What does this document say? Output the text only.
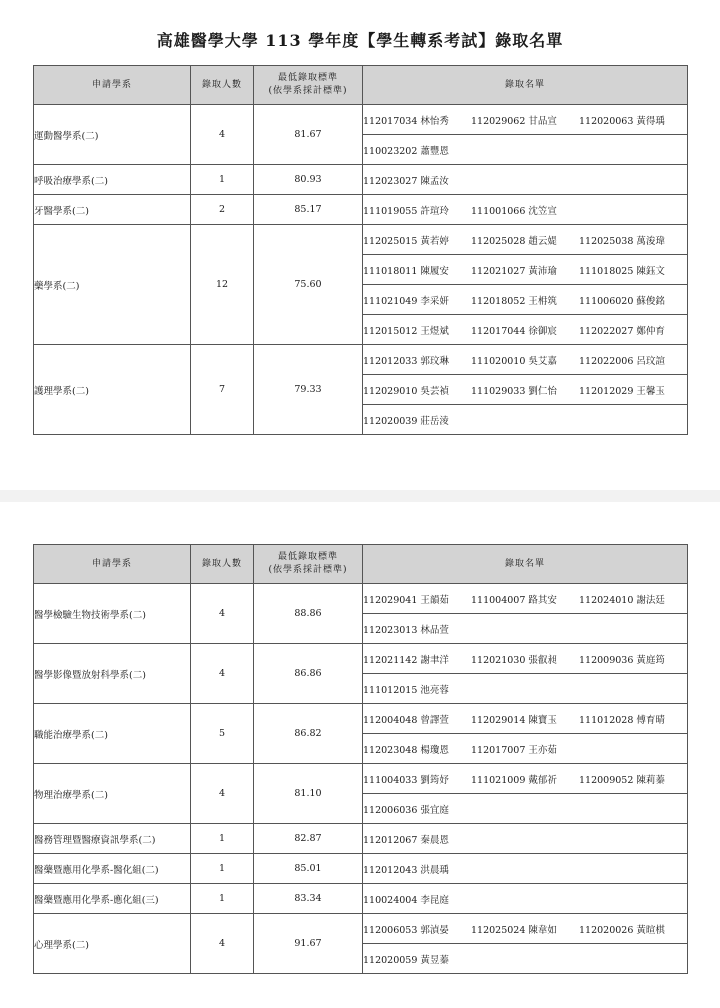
高雄醫學大學 113 學年度【學生轉系考試】錄取名單
申請學系	錄取人數	最低錄取標準
(依學系採計標準)	錄取名單
運動醫學系(二)	4	81.67	112017034 林怡秀 112029062 甘品宣 112020063 黃得瑀
			110023202 蕭豐恩
呼吸治療學系(二)	1	80.93	112023027 陳孟汝
牙醫學系(二)	2	85.17	111019055 許瑄玲 111001066 沈笠宣
藥學系(二)	12	75.60	112025015 黃若婷 112025028 趙云媞 112025038 萬浚瑋
			111018011 陳履安 112021027 黃沛瑜 111018025 陳鈺文
			111021049 李采妍 112018052 王枏筑 111006020 蘇俊銘
			112015012 王煜斌 112017044 徐御宸 112022027 鄭仲育
護理學系(二)	7	79.33	112012033 郭玟琳 111020010 吳艾嘉 112022006 呂玟諠
			112029010 吳芸禎 111029033 劉仁怡 112012029 王馨玉
			112020039 莊岳淩
申請學系	錄取人數	最低錄取標準
(依學系採計標準)	錄取名單
醫學檢驗生物技術學系(二)	4	88.86	112029041 王韻茹 111004007 路其安 112024010 謝法廷
			112023013 林品萱
醫學影像暨放射科學系(二)	4	86.86	112021142 謝聿洋 112021030 張叡昶 112009036 黃庭筠
			111012015 池亮蓉
職能治療學系(二)	5	86.82	112004048 曾譯萱 112029014 陳寶玉 111012028 傅育晴
			112023048 楊瓊恩 112017007 王亦茹
物理治療學系(二)	4	81.10	111004033 劉筠妤 111021009 戴郁祈 112009052 陳莉蓁
			112006036 張宜庭
醫務管理暨醫療資訊學系(二)	1	82.87	112012067 秦晨恩
醫藥暨應用化學系-醫化組(二)	1	85.01	112012043 洪晨瑀
醫藥暨應用化學系-應化組(三)	1	83.34	110024004 李昆庭
心理學系(二)	4	91.67	112006053 郭湞晏 112025024 陳韋如 112020026 黃暄棋
			112020059 黃昱蓁
